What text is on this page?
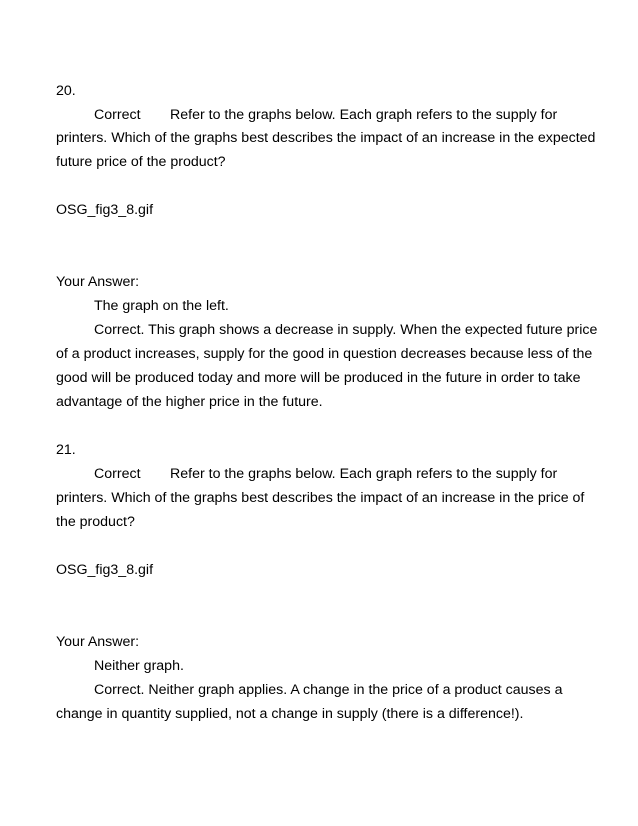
20.
Correct Refer to the graphs below. Each graph refers to the supply for
printers. Which of the graphs best describes the impact of an increase in the expected
future price of the product?
OSG_fig3_8.gif
Your Answer:
The graph on the left.
Correct. This graph shows a decrease in supply. When the expected future price
of a product increases, supply for the good in question decreases because less of the
good will be produced today and more will be produced in the future in order to take
advantage of the higher price in the future.
21.
Correct Refer to the graphs below. Each graph refers to the supply for
printers. Which of the graphs best describes the impact of an increase in the price of
the product?
OSG_fig3_8.gif
Your Answer:
Neither graph.
Correct. Neither graph applies. A change in the price of a product causes a
change in quantity supplied, not a change in supply (there is a difference!).
